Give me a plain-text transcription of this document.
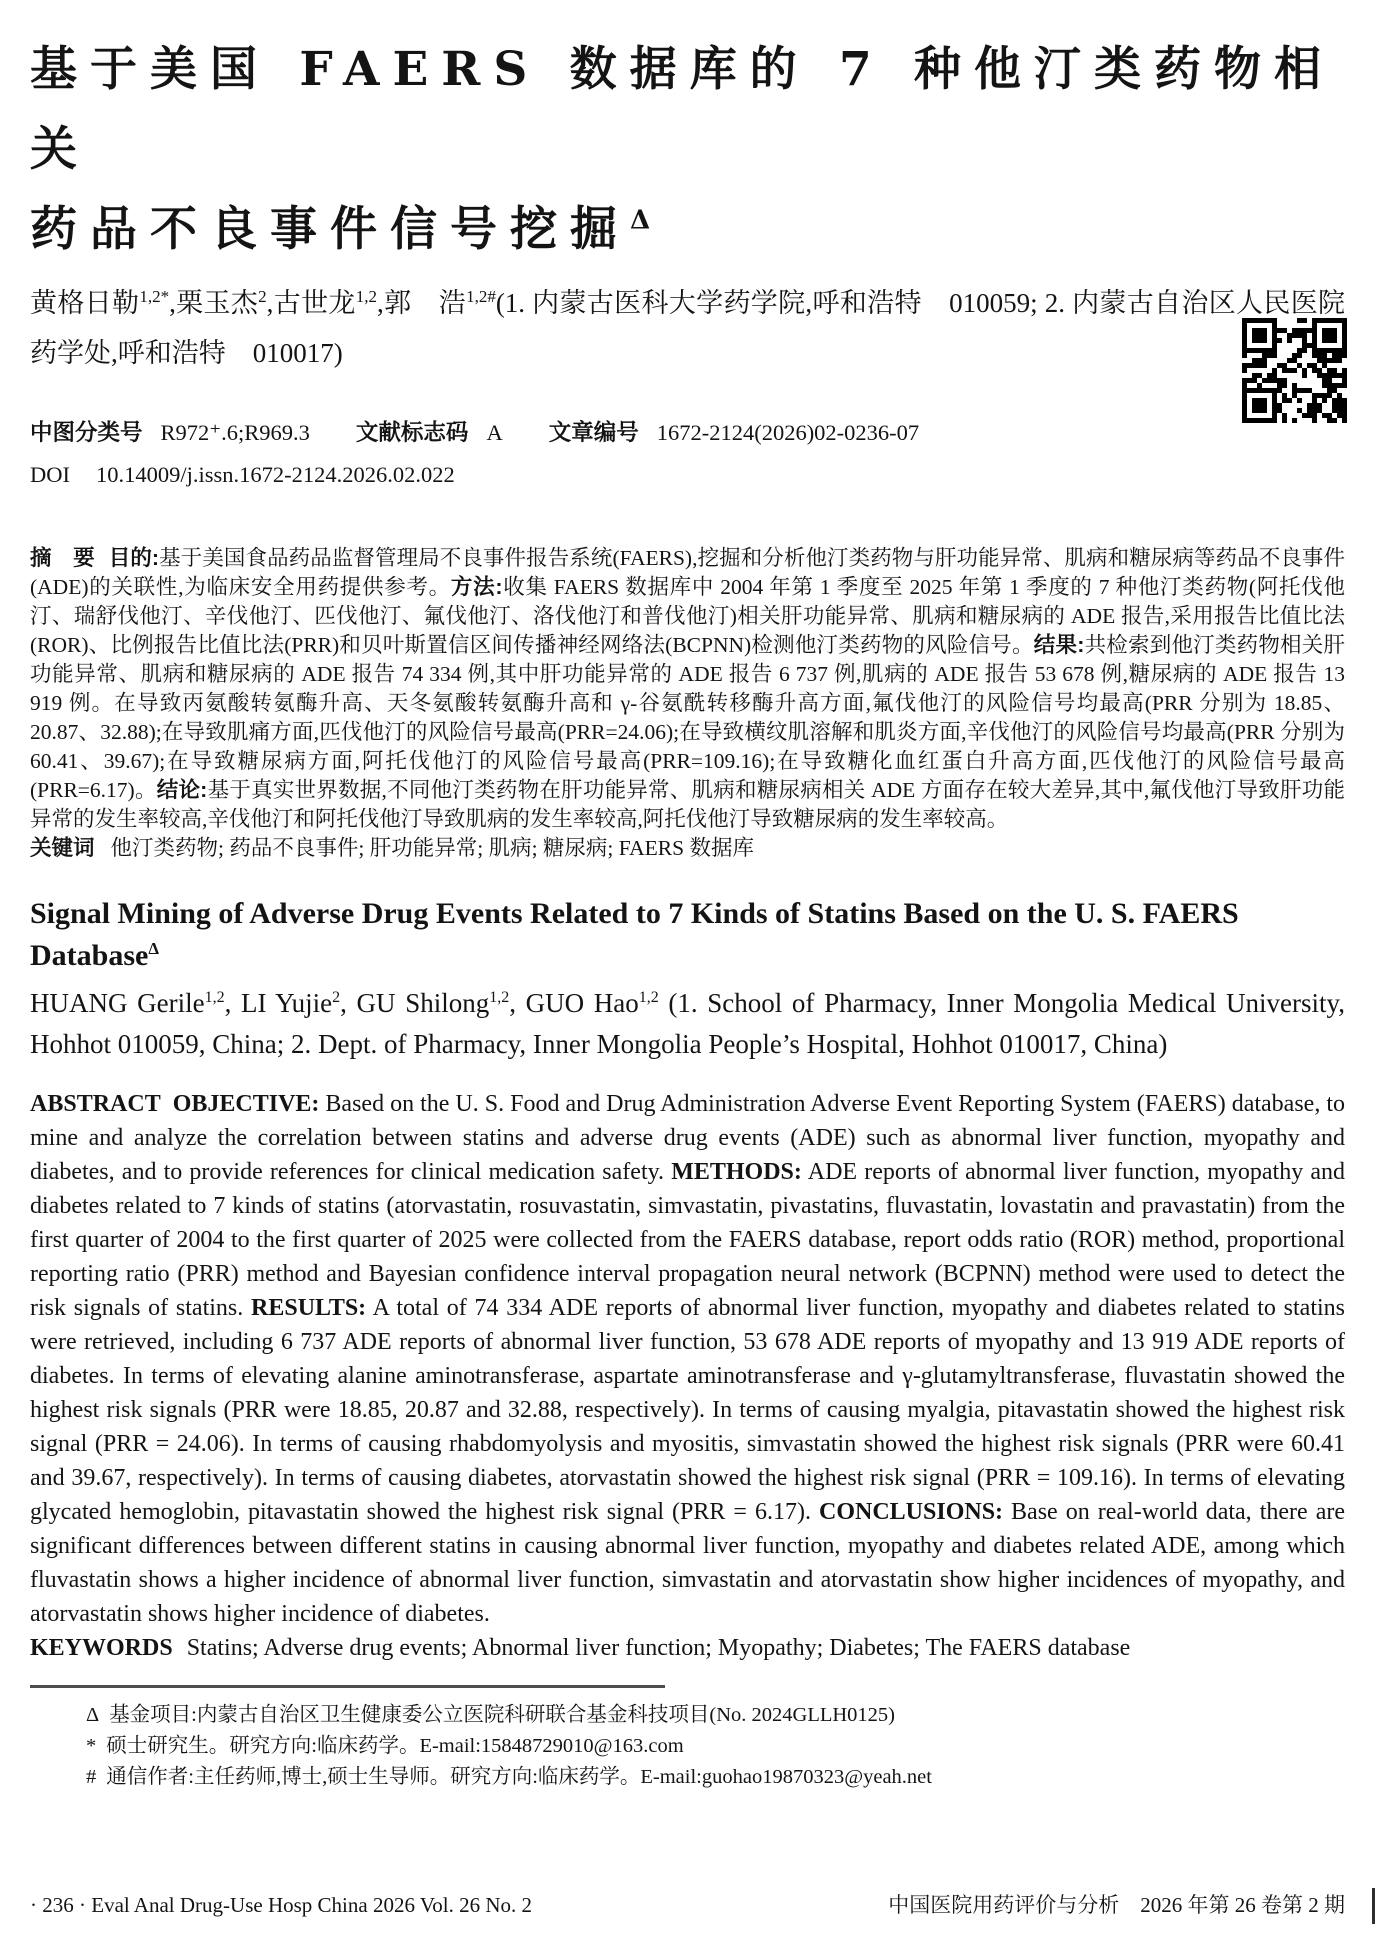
基于美国 FAERS 数据库的 7 种他汀类药物相关
药品不良事件信号挖掘$^\Delta$
黄格日勒$^{1,2*}$,栗玉杰$^2$,古世龙$^{1,2}$,郭　浩$^{1,2\#}$(1. 内蒙古医科大学药学院,呼和浩特　010059; 2. 内蒙古自治区人民医院药学处,呼和浩特　010017)
中图分类号 R972⁺.6;R969.3 文献标志码 A 文章编号 1672-2124(2026)02-0236-07
DOI 10.14009/j.issn.1672-2124.2026.02.022
摘　要 目的:基于美国食品药品监督管理局不良事件报告系统(FAERS),挖掘和分析他汀类药物与肝功能异常、肌病和糖尿病等药品不良事件(ADE)的关联性,为临床安全用药提供参考。方法:收集 FAERS 数据库中 2004 年第 1 季度至 2025 年第 1 季度的 7 种他汀类药物(阿托伐他汀、瑞舒伐他汀、辛伐他汀、匹伐他汀、氟伐他汀、洛伐他汀和普伐他汀)相关肝功能异常、肌病和糖尿病的 ADE 报告,采用报告比值比法(ROR)、比例报告比值比法(PRR)和贝叶斯置信区间传播神经网络法(BCPNN)检测他汀类药物的风险信号。结果:共检索到他汀类药物相关肝功能异常、肌病和糖尿病的 ADE 报告 74 334 例,其中肝功能异常的 ADE 报告 6 737 例,肌病的 ADE 报告 53 678 例,糖尿病的 ADE 报告 13 919 例。在导致丙氨酸转氨酶升高、天冬氨酸转氨酶升高和 γ-谷氨酰转移酶升高方面,氟伐他汀的风险信号均最高(PRR 分别为 18.85、20.87、32.88);在导致肌痛方面,匹伐他汀的风险信号最高(PRR=24.06);在导致横纹肌溶解和肌炎方面,辛伐他汀的风险信号均最高(PRR 分别为 60.41、39.67);在导致糖尿病方面,阿托伐他汀的风险信号最高(PRR=109.16);在导致糖化血红蛋白升高方面,匹伐他汀的风险信号最高(PRR=6.17)。结论:基于真实世界数据,不同他汀类药物在肝功能异常、肌病和糖尿病相关 ADE 方面存在较大差异,其中,氟伐他汀导致肝功能异常的发生率较高,辛伐他汀和阿托伐他汀导致肌病的发生率较高,阿托伐他汀导致糖尿病的发生率较高。
关键词 他汀类药物; 药品不良事件; 肝功能异常; 肌病; 糖尿病; FAERS 数据库
Signal Mining of Adverse Drug Events Related to 7 Kinds of Statins Based on the U. S. FAERS Database$^\Delta$
HUANG Gerile$^{1,2}$, LI Yujie$^2$, GU Shilong$^{1,2}$, GUO Hao$^{1,2}$ (1. School of Pharmacy, Inner Mongolia Medical University, Hohhot 010059, China; 2. Dept. of Pharmacy, Inner Mongolia People’s Hospital, Hohhot 010017, China)
ABSTRACT OBJECTIVE: Based on the U. S. Food and Drug Administration Adverse Event Reporting System (FAERS) database, to mine and analyze the correlation between statins and adverse drug events (ADE) such as abnormal liver function, myopathy and diabetes, and to provide references for clinical medication safety. METHODS: ADE reports of abnormal liver function, myopathy and diabetes related to 7 kinds of statins (atorvastatin, rosuvastatin, simvastatin, pivastatins, fluvastatin, lovastatin and pravastatin) from the first quarter of 2004 to the first quarter of 2025 were collected from the FAERS database, report odds ratio (ROR) method, proportional reporting ratio (PRR) method and Bayesian confidence interval propagation neural network (BCPNN) method were used to detect the risk signals of statins. RESULTS: A total of 74 334 ADE reports of abnormal liver function, myopathy and diabetes related to statins were retrieved, including 6 737 ADE reports of abnormal liver function, 53 678 ADE reports of myopathy and 13 919 ADE reports of diabetes. In terms of elevating alanine aminotransferase, aspartate aminotransferase and γ-glutamyltransferase, fluvastatin showed the highest risk signals (PRR were 18.85, 20.87 and 32.88, respectively). In terms of causing myalgia, pitavastatin showed the highest risk signal (PRR = 24.06). In terms of causing rhabdomyolysis and myositis, simvastatin showed the highest risk signals (PRR were 60.41 and 39.67, respectively). In terms of causing diabetes, atorvastatin showed the highest risk signal (PRR = 109.16). In terms of elevating glycated hemoglobin, pitavastatin showed the highest risk signal (PRR = 6.17). CONCLUSIONS: Base on real-world data, there are significant differences between different statins in causing abnormal liver function, myopathy and diabetes related ADE, among which fluvastatin shows a higher incidence of abnormal liver function, simvastatin and atorvastatin show higher incidences of myopathy, and atorvastatin shows higher incidence of diabetes.
KEYWORDS Statins; Adverse drug events; Abnormal liver function; Myopathy; Diabetes; The FAERS database
Δ 基金项目:内蒙古自治区卫生健康委公立医院科研联合基金科技项目(No. 2024GLLH0125)
* 硕士研究生。研究方向:临床药学。E-mail:15848729010@163.com
# 通信作者:主任药师,博士,硕士生导师。研究方向:临床药学。E-mail:guohao19870323@yeah.net
· 236 · Eval Anal Drug-Use Hosp China 2026 Vol. 26 No. 2	中国医院用药评价与分析　2026 年第 26 卷第 2 期
